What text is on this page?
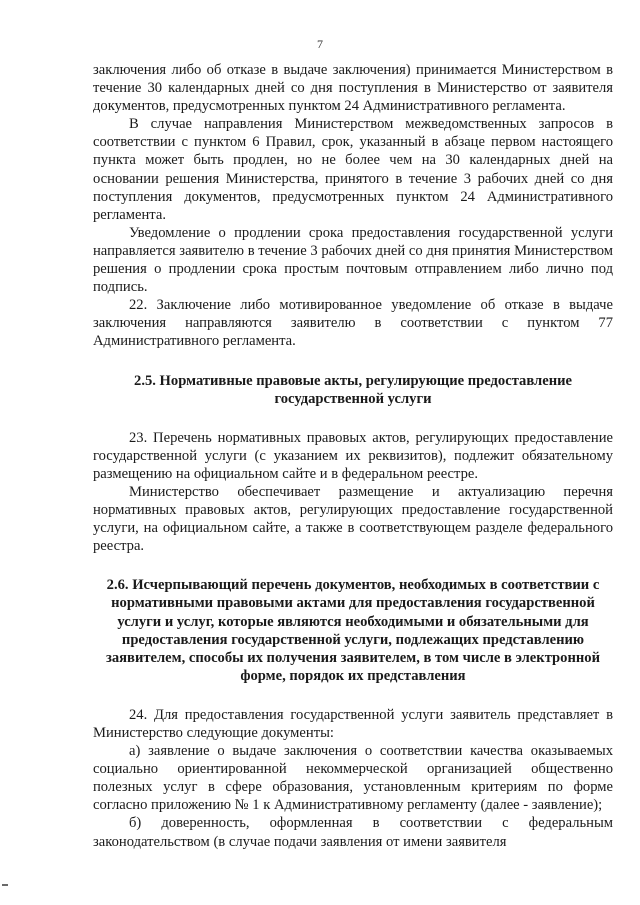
7

заключения либо об отказе в выдаче заключения) принимается Министерством в течение 30 календарных дней со дня поступления в Министерство от заявителя документов, предусмотренных пунктом 24 Административного регламента.

В случае направления Министерством межведомственных запросов в соответствии с пунктом 6 Правил, срок, указанный в абзаце первом настоящего пункта может быть продлен, но не более чем на 30 календарных дней на основании решения Министерства, принятого в течение 3 рабочих дней со дня поступления документов, предусмотренных пунктом 24 Административного регламента.

Уведомление о продлении срока предоставления государственной услуги направляется заявителю в течение 3 рабочих дней со дня принятия Министерством решения о продлении срока простым почтовым отправлением либо лично под подпись.

22. Заключение либо мотивированное уведомление об отказе в выдаче заключения направляются заявителю в соответствии с пунктом 77 Административного регламента.

2.5. Нормативные правовые акты, регулирующие предоставление государственной услуги

23. Перечень нормативных правовых актов, регулирующих предоставление государственной услуги (с указанием их реквизитов), подлежит обязательному размещению на официальном сайте и в федеральном реестре.

Министерство обеспечивает размещение и актуализацию перечня нормативных правовых актов, регулирующих предоставление государственной услуги, на официальном сайте, а также в соответствующем разделе федерального реестра.

2.6. Исчерпывающий перечень документов, необходимых в соответствии с нормативными правовыми актами для предоставления государственной услуги и услуг, которые являются необходимыми и обязательными для предоставления государственной услуги, подлежащих представлению заявителем, способы их получения заявителем, в том числе в электронной форме, порядок их представления

24. Для предоставления государственной услуги заявитель представляет в Министерство следующие документы:

а) заявление о выдаче заключения о соответствии качества оказываемых социально ориентированной некоммерческой организацией общественно полезных услуг в сфере образования, установленным критериям по форме согласно приложению № 1 к Административному регламенту (далее - заявление);

б) доверенность, оформленная в соответствии с федеральным законодательством (в случае подачи заявления от имени заявителя
